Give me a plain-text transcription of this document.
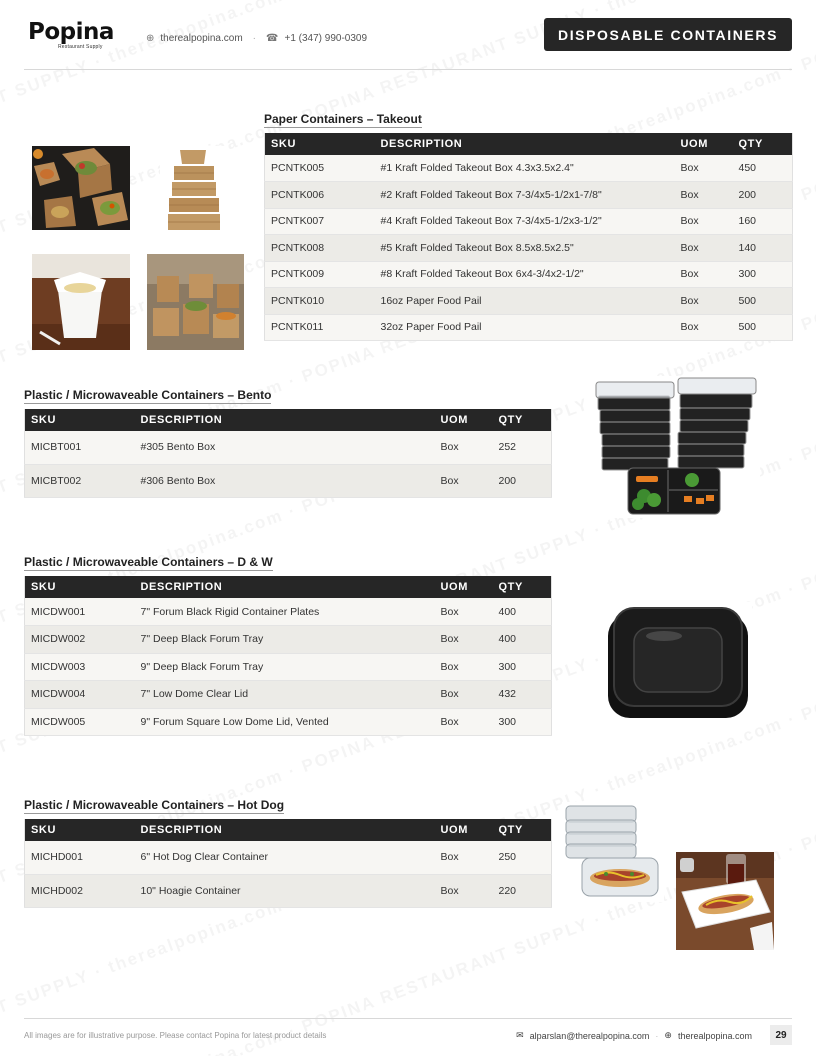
Popina
Restaurant Supply
⊕ therealpopina.com · ☎ +1 (347) 990-0309	DISPOSABLE CONTAINERS
Paper Containers – Takeout
SKU	DESCRIPTION	UOM	QTY
PCNTK005	#1 Kraft Folded Takeout Box 4.3x3.5x2.4"	Box	450
PCNTK006	#2 Kraft Folded Takeout Box 7-3/4x5-1/2x1-7/8"	Box	200
PCNTK007	#4 Kraft Folded Takeout Box 7-3/4x5-1/2x3-1/2"	Box	160
PCNTK008	#5 Kraft Folded Takeout Box 8.5x8.5x2.5"	Box	140
PCNTK009	#8 Kraft Folded Takeout Box 6x4-3/4x2-1/2"	Box	300
PCNTK010	16oz Paper Food Pail	Box	500
PCNTK011	32oz Paper Food Pail	Box	500
Plastic / Microwaveable Containers – Bento
SKU	DESCRIPTION	UOM	QTY
MICBT001	#305 Bento Box	Box	252
MICBT002	#306 Bento Box	Box	200
Plastic / Microwaveable Containers – D & W
SKU	DESCRIPTION	UOM	QTY
MICDW001	7" Forum Black Rigid Container Plates	Box	400
MICDW002	7" Deep Black Forum Tray	Box	400
MICDW003	9" Deep Black Forum Tray	Box	300
MICDW004	7" Low Dome Clear Lid	Box	432
MICDW005	9" Forum Square Low Dome Lid, Vented	Box	300
Plastic / Microwaveable Containers – Hot Dog
SKU	DESCRIPTION	UOM	QTY
MICHD001	6" Hot Dog Clear Container	Box	250
MICHD002	10" Hoagie Container	Box	220
All images are for illustrative purpose. Please contact Popina for latest product details	✉ alparslan@therealpopina.com · ⊕ therealpopina.com	29
